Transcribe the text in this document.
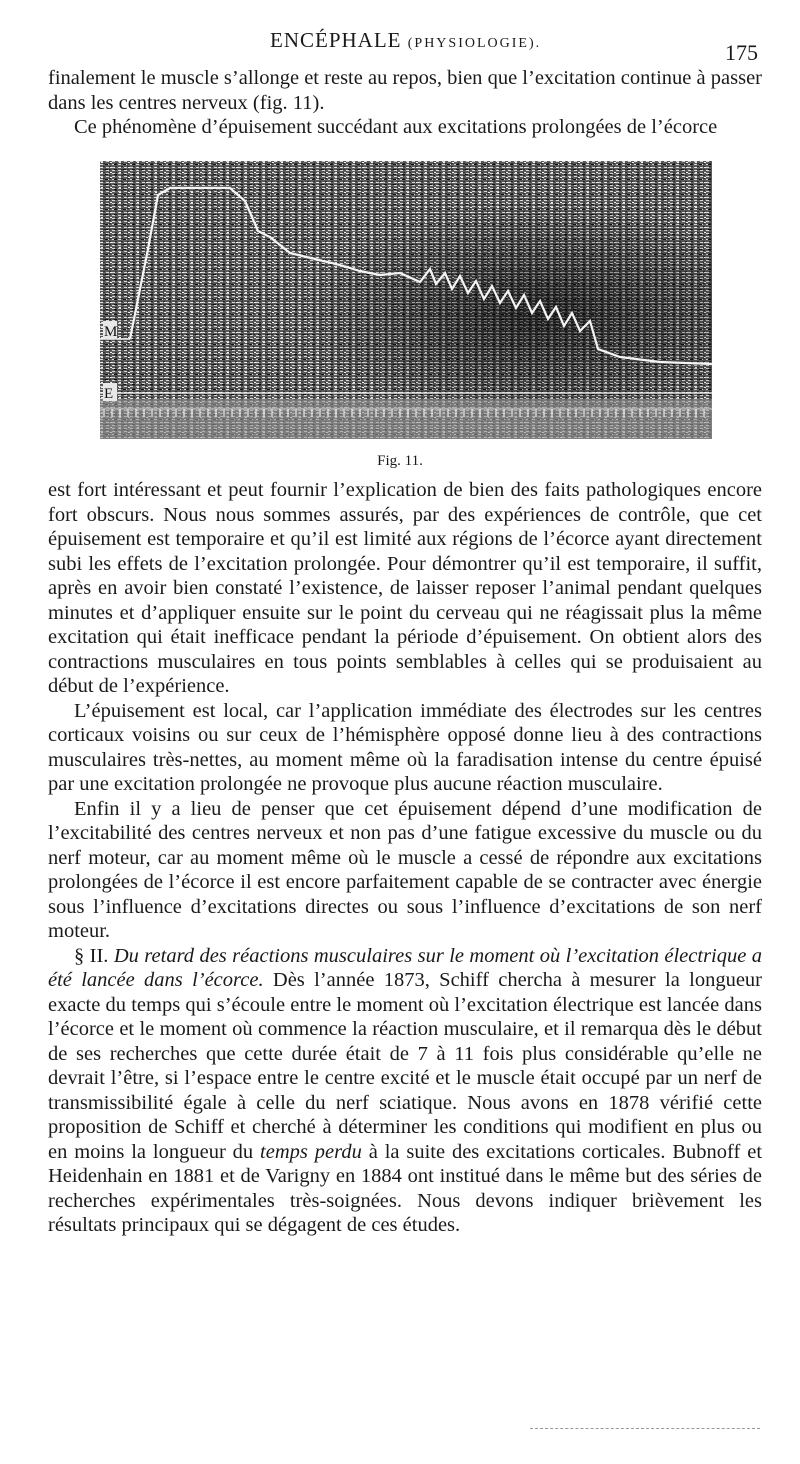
ENCÉPHALE (PHYSIOLOGIE).	175

finalement le muscle s’allonge et reste au repos, bien que l’excitation continue à passer dans les centres nerveux (fig. 11).

Ce phénomène d’épuisement succédant aux excitations prolongées de l’écorce

M
E
Fig. 11.

est fort intéressant et peut fournir l’explication de bien des faits pathologiques encore fort obscurs. Nous nous sommes assurés, par des expériences de contrôle, que cet épuisement est temporaire et qu’il est limité aux régions de l’écorce ayant directement subi les effets de l’excitation prolongée. Pour démontrer qu’il est temporaire, il suffit, après en avoir bien constaté l’existence, de laisser reposer l’animal pendant quelques minutes et d’appliquer ensuite sur le point du cerveau qui ne réagissait plus la même excitation qui était inefficace pendant la période d’épuisement. On obtient alors des contractions musculaires en tous points semblables à celles qui se produisaient au début de l’expérience.

L’épuisement est local, car l’application immédiate des électrodes sur les centres corticaux voisins ou sur ceux de l’hémisphère opposé donne lieu à des contractions musculaires très-nettes, au moment même où la faradisation intense du centre épuisé par une excitation prolongée ne provoque plus aucune réaction musculaire.

Enfin il y a lieu de penser que cet épuisement dépend d’une modification de l’excitabilité des centres nerveux et non pas d’une fatigue excessive du muscle ou du nerf moteur, car au moment même où le muscle a cessé de répondre aux excitations prolongées de l’écorce il est encore parfaitement capable de se contracter avec énergie sous l’influence d’excitations directes ou sous l’influence d’excitations de son nerf moteur.

§ II. Du retard des réactions musculaires sur le moment où l’excitation électrique a été lancée dans l’écorce. Dès l’année 1873, Schiff chercha à mesurer la longueur exacte du temps qui s’écoule entre le moment où l’excitation électrique est lancée dans l’écorce et le moment où commence la réaction musculaire, et il remarqua dès le début de ses recherches que cette durée était de 7 à 11 fois plus considérable qu’elle ne devrait l’être, si l’espace entre le centre excité et le muscle était occupé par un nerf de transmissibilité égale à celle du nerf sciatique. Nous avons en 1878 vérifié cette proposition de Schiff et cherché à déterminer les conditions qui modifient en plus ou en moins la longueur du temps perdu à la suite des excitations corticales. Bubnoff et Heidenhain en 1881 et de Varigny en 1884 ont institué dans le même but des séries de recherches expérimentales très-soignées. Nous devons indiquer brièvement les résultats principaux qui se dégagent de ces études.
